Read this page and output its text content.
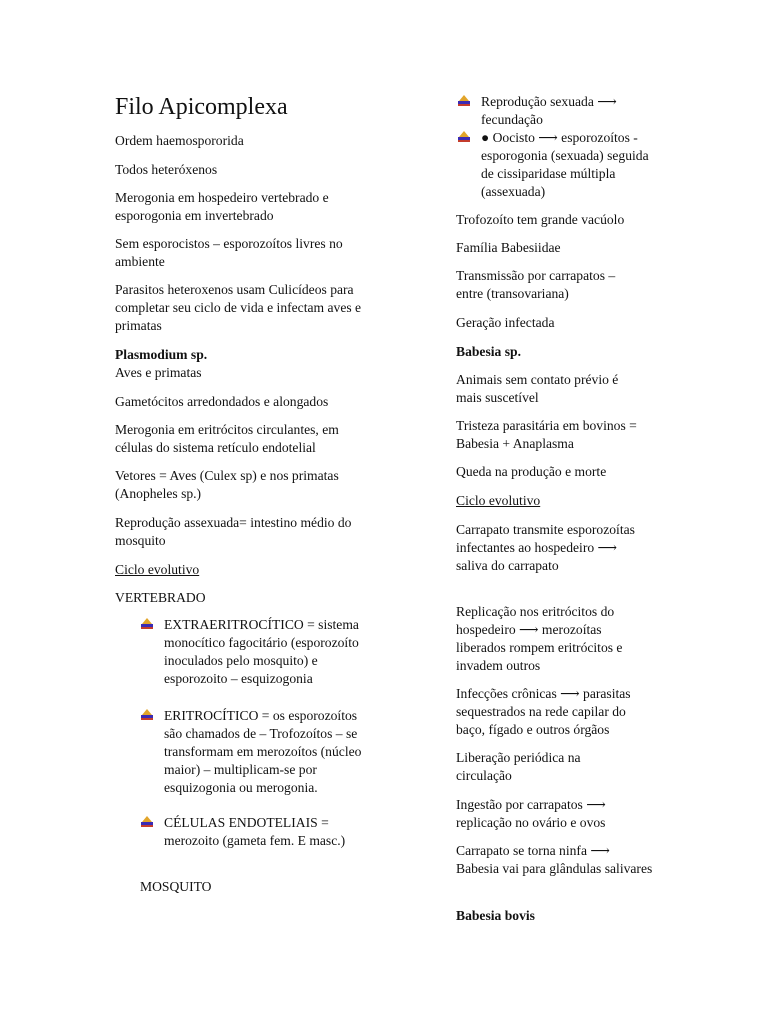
Filo Apicomplexa

Ordem haemospororida

Todos heteróxenos

Merogonia em hospedeiro vertebrado e esporogonia em invertebrado

Sem esporocistos – esporozoítos livres no ambiente

Parasitos heteroxenos usam Culicídeos para completar seu ciclo de vida e infectam aves e primatas

Plasmodium sp.
Aves e primatas

Gametócitos arredondados e alongados

Merogonia em eritrócitos circulantes, em células do sistema retículo endotelial

Vetores = Aves (Culex sp) e nos primatas (Anopheles sp.)

Reprodução assexuada= intestino médio do mosquito

Ciclo evolutivo

VERTEBRADO

EXTRAERITROCÍTICO = sistema monocítico fagocitário (esporozoíto inoculados pelo mosquito) e esporozoito – esquizogonia
ERITROCÍTICO = os esporozoítos são chamados de – Trofozoítos – se transformam em merozoítos (núcleo maior) – multiplicam-se por esquizogonia ou merogonia.
CÉLULAS ENDOTELIAIS = merozoito (gameta fem. E masc.)

MOSQUITO

Reprodução sexuada ⟶ fecundação
● Oocisto ⟶ esporozoítos - esporogonia (sexuada) seguida de cissiparidase múltipla (assexuada)

Trofozoíto tem grande vacúolo

Família Babesiidae

Transmissão por carrapatos – entre (transovariana)

Geração infectada

Babesia sp.

Animais sem contato prévio é mais suscetível

Tristeza parasitária em bovinos = Babesia + Anaplasma

Queda na produção e morte

Ciclo evolutivo

Carrapato transmite esporozoítas infectantes ao hospedeiro ⟶ saliva do carrapato

Replicação nos eritrócitos do hospedeiro ⟶ merozoítas liberados rompem eritrócitos e invadem outros

Infecções crônicas ⟶ parasitas sequestrados na rede capilar do baço, fígado e outros órgãos

Liberação periódica na circulação

Ingestão por carrapatos ⟶ replicação no ovário e ovos

Carrapato se torna ninfa ⟶ Babesia vai para glândulas salivares

Babesia bovis
